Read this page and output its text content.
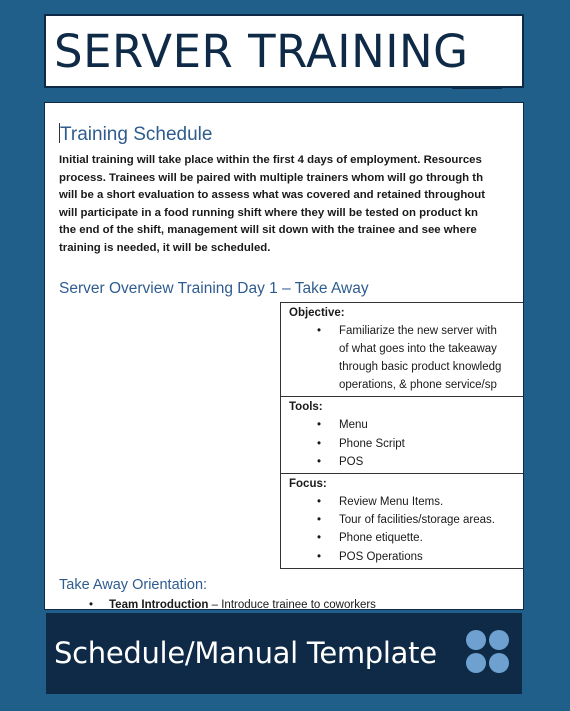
SERVER TRAINING
Training Schedule

Initial training will take place within the first 4 days of employment. Resources

process. Trainees will be paired with multiple trainers whom will go through th

will be a short evaluation to assess what was covered and retained throughout

will participate in a food running shift where they will be tested on product kn

the end of the shift, management will sit down with the trainee and see where

training is needed, it will be scheduled.

Server Overview Training Day 1 – Take Away
Objective:
• Familiarize the new server with
of what goes into the takeaway
through basic product knowledg
operations, & phone service/sp
Tools:
• Menu
• Phone Script
• POS
Focus:
• Review Menu Items.
• Tour of facilities/storage areas.
• Phone etiquette.
• POS Operations
Take Away Orientation:
• Team Introduction – Introduce trainee to coworkers
Schedule/Manual Template
